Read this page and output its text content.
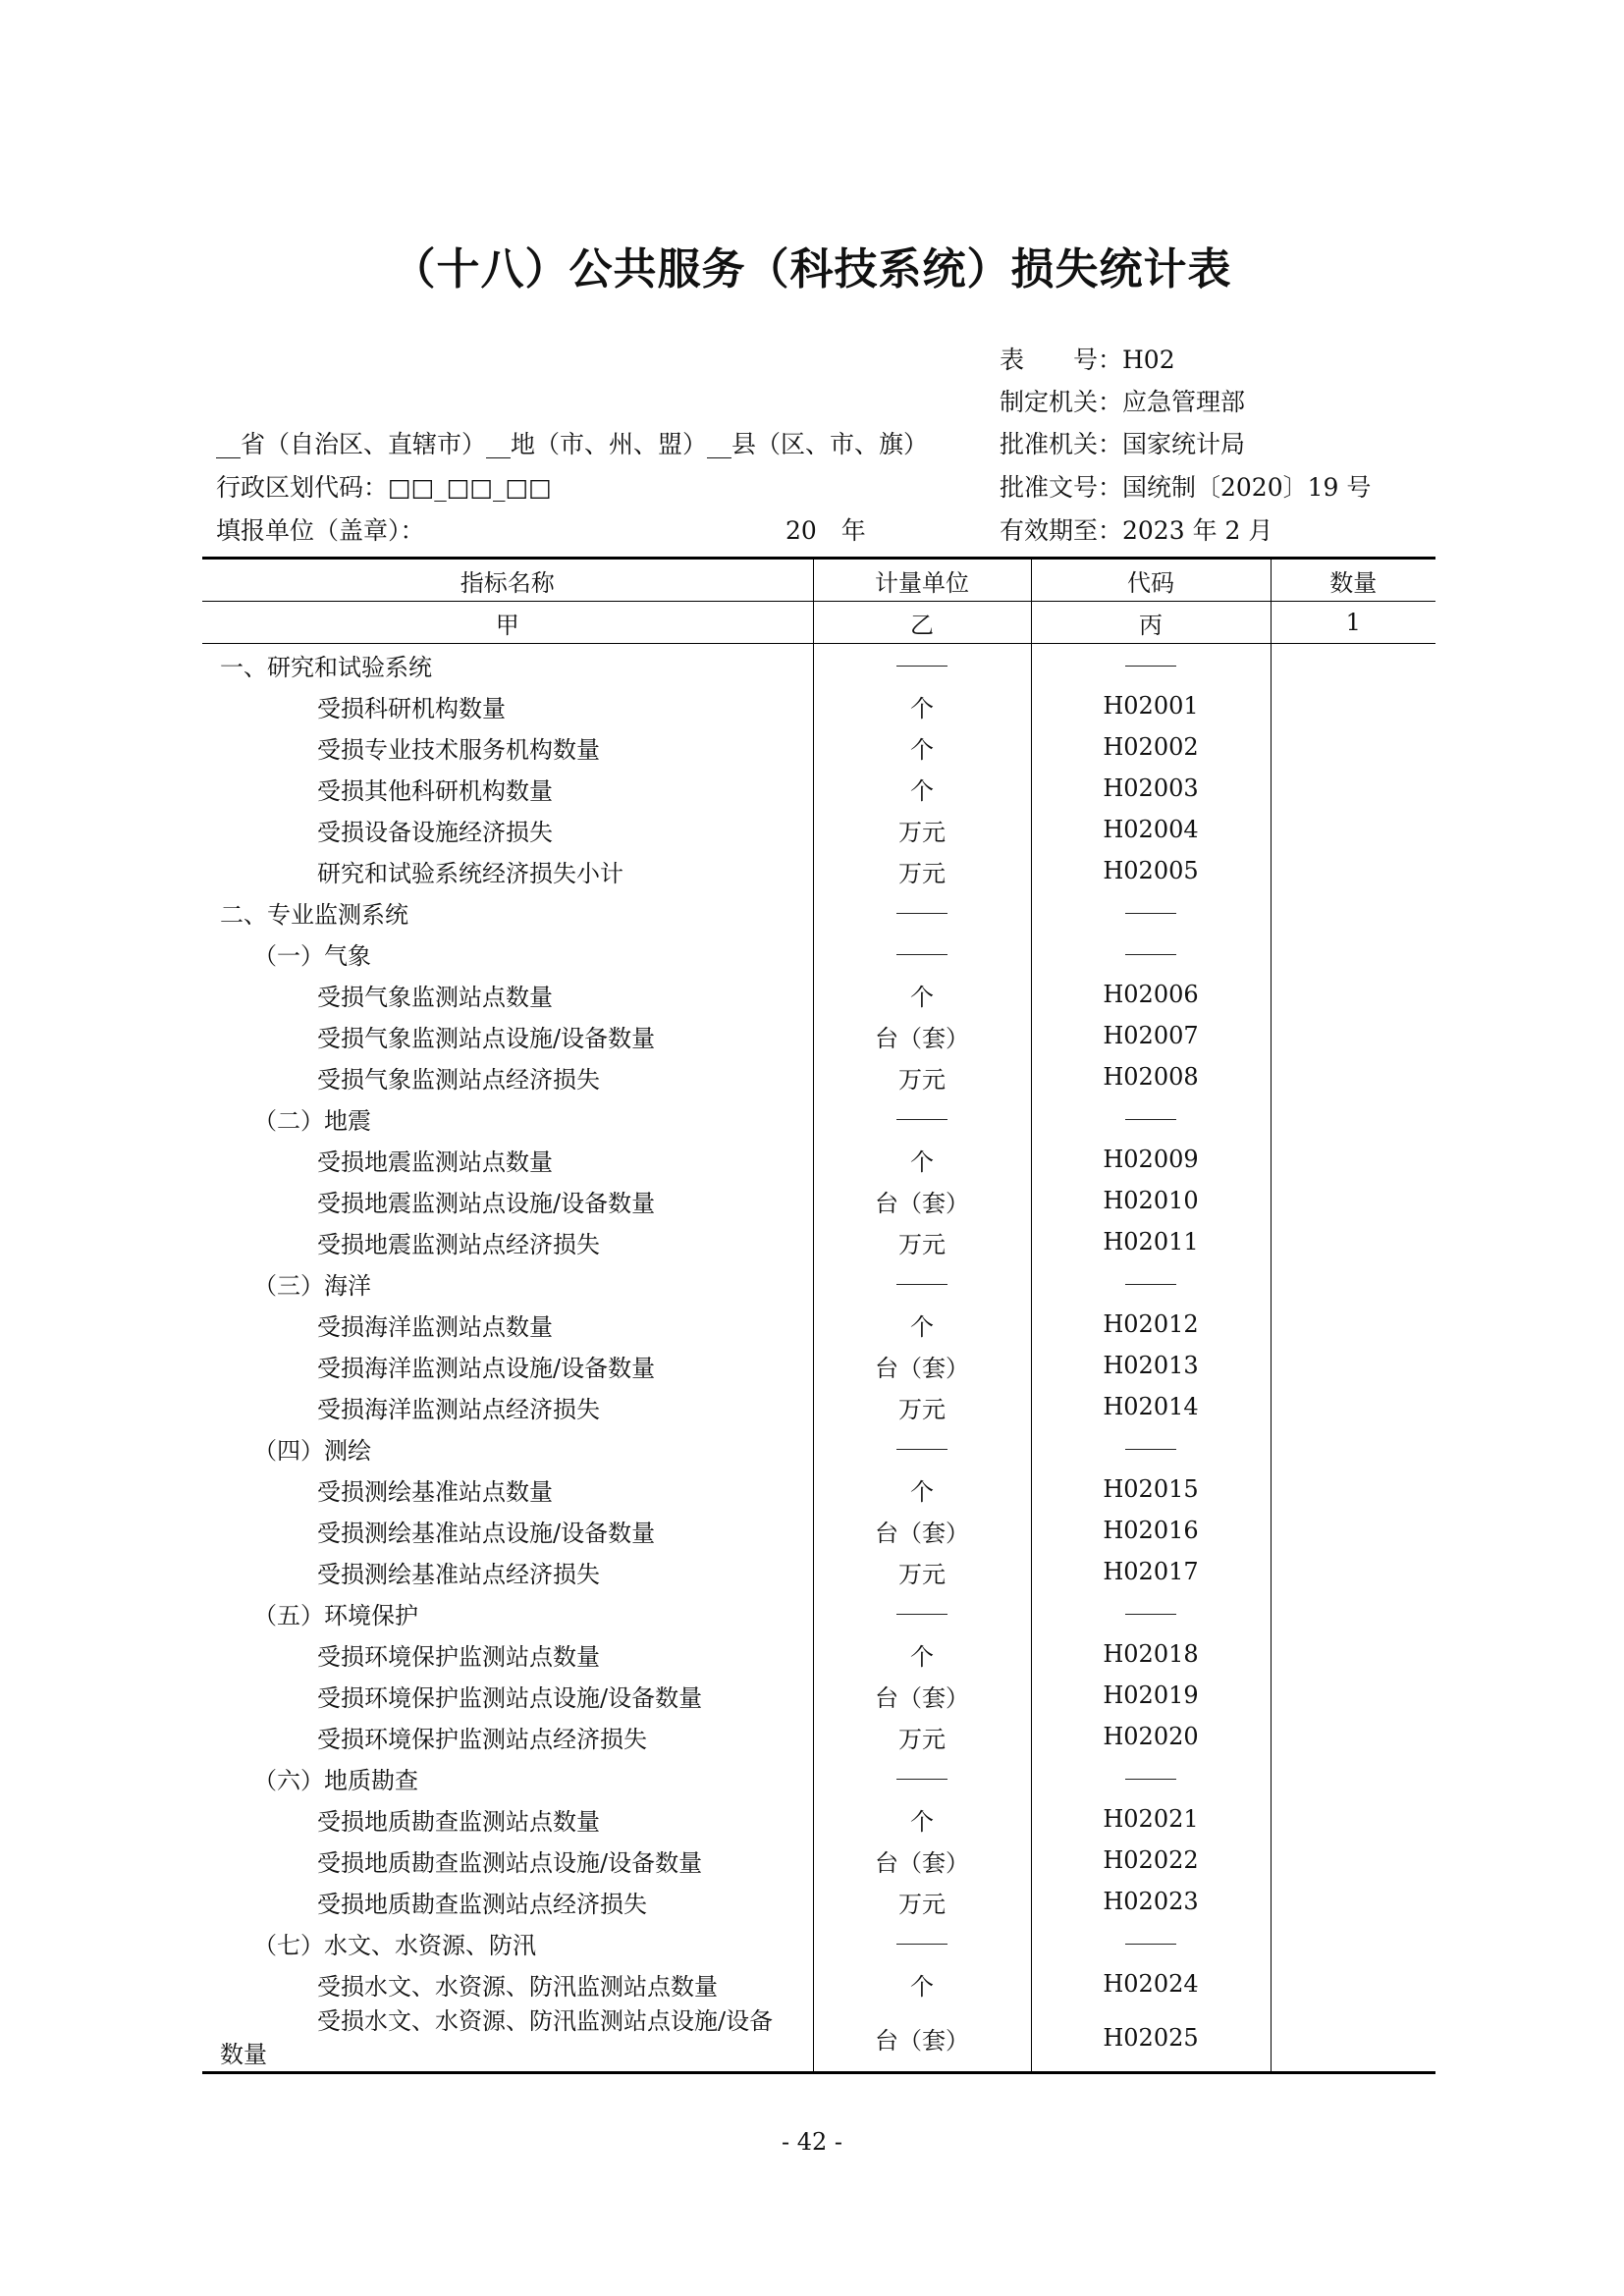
（十八）公共服务（科技系统）损失统计表
表　　号：H02
制定机关：应急管理部
批准机关：国家统计局
批准文号：国统制〔2020〕19 号
有效期至：2023 年 2 月
__省（自治区、直辖市）__地（市、州、盟）__县（区、市、旗）
行政区划代码：□□_□□_□□
填报单位（盖章）：	20　年
指标名称	计量单位	代码	数量
甲	乙	丙	1
一、研究和试验系统			
受损科研机构数量	个	H02001	
受损专业技术服务机构数量	个	H02002	
受损其他科研机构数量	个	H02003	
受损设备设施经济损失	万元	H02004	
研究和试验系统经济损失小计	万元	H02005	
二、专业监测系统			
（一）气象			
受损气象监测站点数量	个	H02006	
受损气象监测站点设施/设备数量	台（套）	H02007	
受损气象监测站点经济损失	万元	H02008	
（二）地震			
受损地震监测站点数量	个	H02009	
受损地震监测站点设施/设备数量	台（套）	H02010	
受损地震监测站点经济损失	万元	H02011	
（三）海洋			
受损海洋监测站点数量	个	H02012	
受损海洋监测站点设施/设备数量	台（套）	H02013	
受损海洋监测站点经济损失	万元	H02014	
（四）测绘			
受损测绘基准站点数量	个	H02015	
受损测绘基准站点设施/设备数量	台（套）	H02016	
受损测绘基准站点经济损失	万元	H02017	
（五）环境保护			
受损环境保护监测站点数量	个	H02018	
受损环境保护监测站点设施/设备数量	台（套）	H02019	
受损环境保护监测站点经济损失	万元	H02020	
（六）地质勘查			
受损地质勘查监测站点数量	个	H02021	
受损地质勘查监测站点设施/设备数量	台（套）	H02022	
受损地质勘查监测站点经济损失	万元	H02023	
（七）水文、水资源、防汛			
受损水文、水资源、防汛监测站点数量	个	H02024	

受损水文、水资源、防汛监测站点设施/设备
数量	台（套）	H02025	
- 42 -
